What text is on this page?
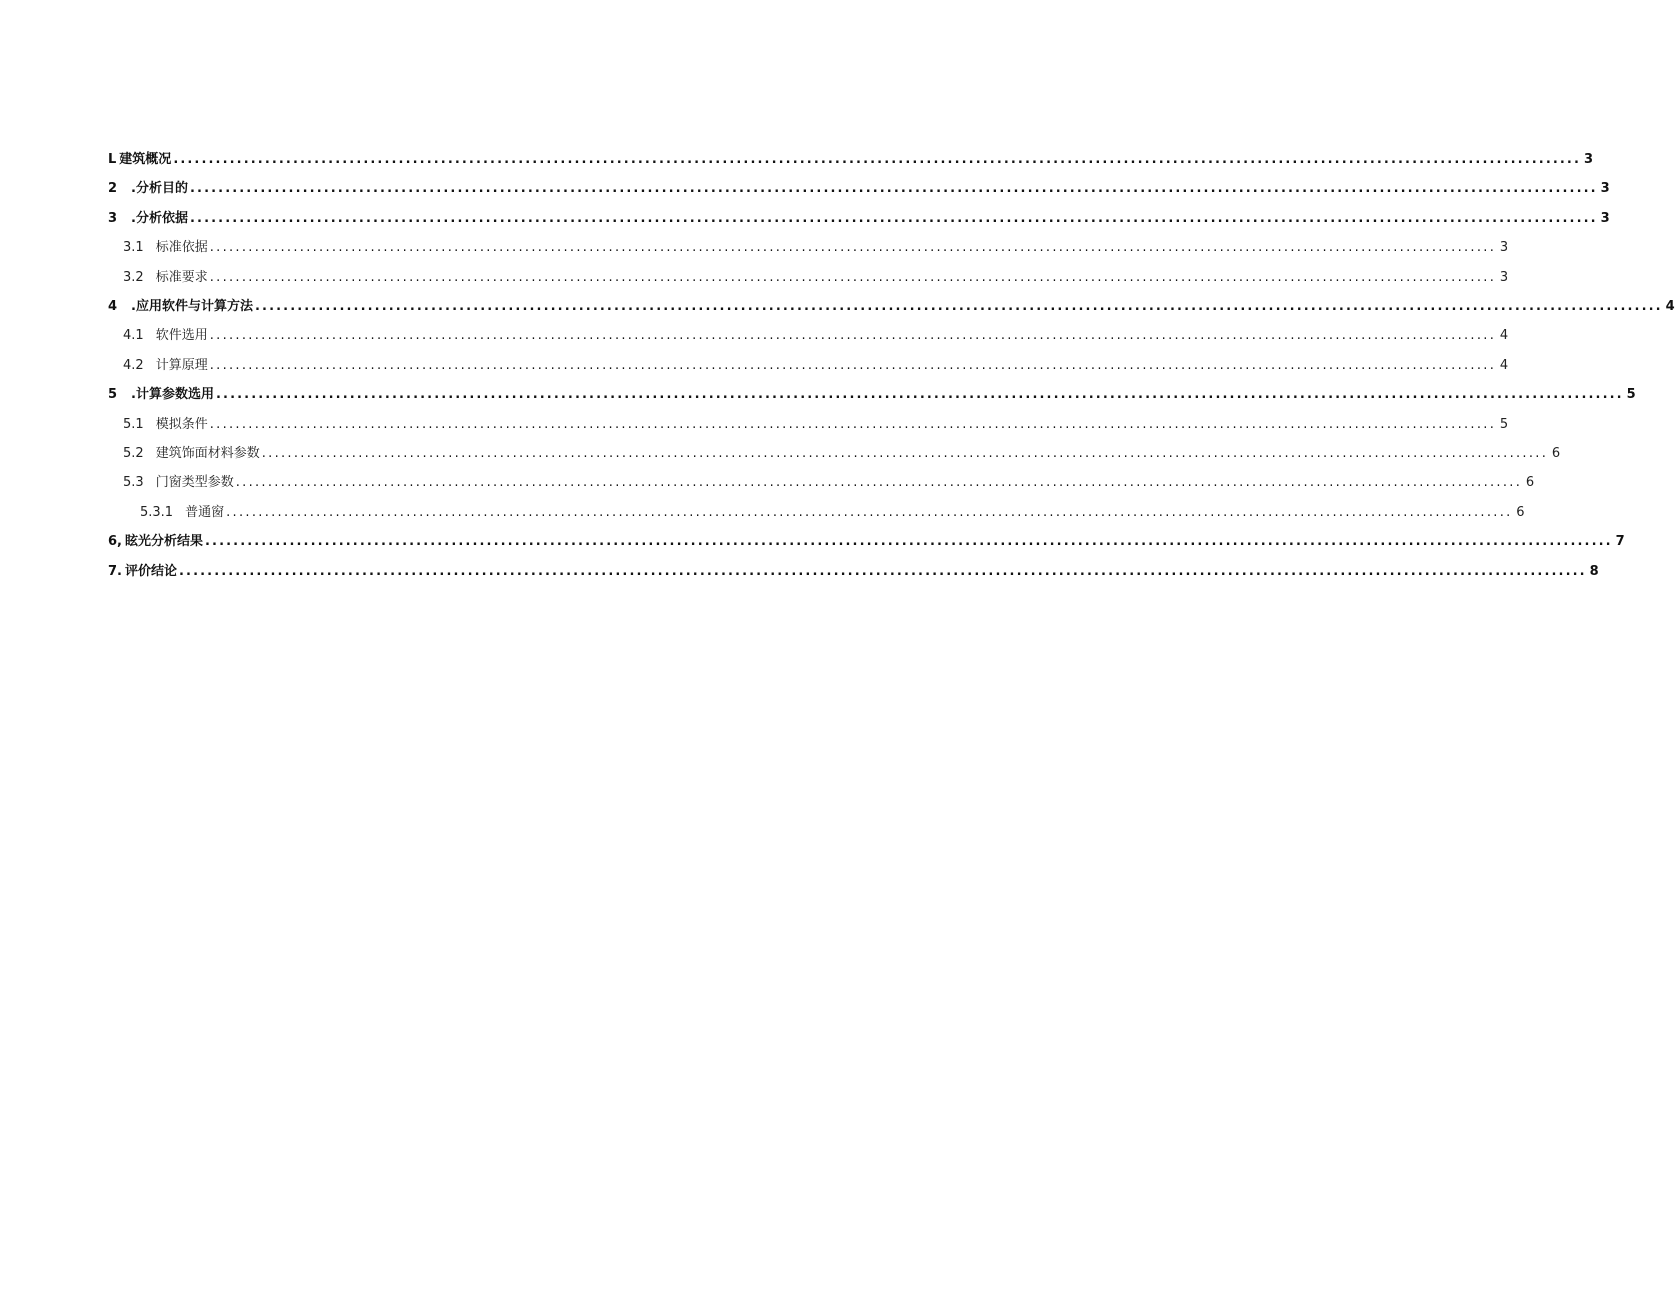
L 建筑概况 ........................................................................................................................................................................................................ 3
2 .分析目的 ........................................................................................................................................................................................................ 3
3 .分析依据 ........................................................................................................................................................................................................ 3
3.1 标准依据 ........................................................................................................................................................................................................ 3
3.2 标准要求 ........................................................................................................................................................................................................ 3
4 .应用软件与计算方法 ........................................................................................................................................................................................................ 4
4.1 软件选用 ........................................................................................................................................................................................................ 4
4.2 计算原理 ........................................................................................................................................................................................................ 4
5 .计算参数选用 ........................................................................................................................................................................................................ 5
5.1 模拟条件 ........................................................................................................................................................................................................ 5
5.2 建筑饰面材料参数 ........................................................................................................................................................................................................ 6
5.3 门窗类型参数 ........................................................................................................................................................................................................ 6
5.3.1 普通窗 ........................................................................................................................................................................................................ 6
6, 眩光分析结果 ........................................................................................................................................................................................................ 7
7. 评价结论 ........................................................................................................................................................................................................ 8
